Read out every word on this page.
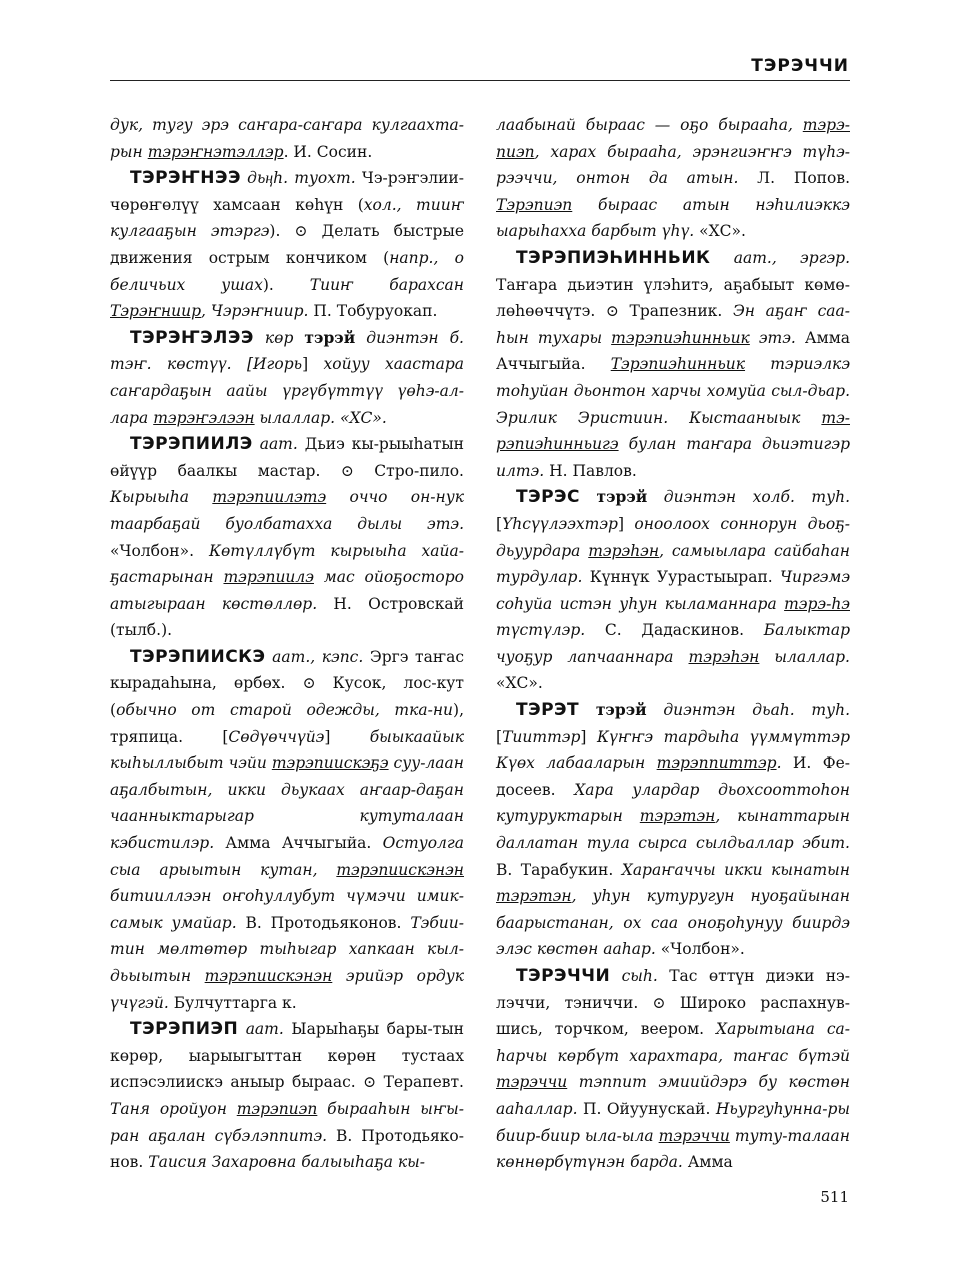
ТЭРЭЧЧИ

дук, тугу эрэ саҥара-саҥара кулгаахта-рын тэрэҥнэтэллэр. И. Сосин.

ТЭРЭҤНЭЭ дьӊһ. туохт. Чэ-рэҥэлии-чөрөҥөлүү хамсаан көһүн (хол., тииҥ кулгааҕын этэргэ). ⊙ Делать быстрые движения острым кончиком (напр., о беличьих ушах). Тииҥ барахсан Тэрэҥниир, Чэрэҥниир. П. Тобуруокап.

ТЭРЭҤЭЛЭЭ көр тэрэй диэнтэн б. тэҥ. көстүү. [Игорь] хойуу хаастара саҥардаҕын аайы үргүбүттүү үөһэ-ал-лара тэрэҥэлээн ылаллар. «ХС».

ТЭРЭПИИЛЭ аат. Дьиэ кы-рыыһатын өйүүр баалкы мастар. ⊙ Стро-пило. Кырыыһа тэрэпиилэтэ оччо он-нук таарбаҕай буолбатахха дылы этэ. «Чолбон». Көтүллүбүт кырыыһа хайа-ҕастарынан тэрэпиилэ мас ойоҕосторо атыгыраан көстөллөр. Н. Островскай (тылб.).

ТЭРЭПИИСКЭ аат., кэпс. Эргэ таҥас кырадаһына, өрбөх. ⊙ Кусок, лос-кут (обычно от старой одежды, тка-ни), тряпица. [Сөдүөччүйэ] быыкаайык кыһыллыбыт чэйи тэрэпиискэҕэ суу-лаан аҕалбытын, икки дьукаах аҥаар-даҕан чаанныктарыгар кутуталаан кэбистилэр. Амма Аччыгыйа. Остуолга сыа арыытын кутан, тэрэпиискэнэн битииллээн оҥоһуллубут чүмэчи имик-самык умайар. В. Протодьяконов. Тэбии-тин мөлтөтөр тыһыгар хапкаан кыл-дьыытын тэрэпиискэнэн эрийэр ордук үчүгэй. Булчуттарга к.

ТЭРЭПИЭП аат. Ыарыһаҕы бары-тын көрөр, ыарыыгыттан көрөн тустаах испэсэлиискэ аныыр быраас. ⊙ Терапевт. Таня оройуон тэрэпиэп бырааһын ыҥы-ран аҕалан сүбэлэппитэ. В. Протодьяко-нов. Таисия Захаровна балыыһаҕа кы-

лаабынай быраас — оҕо бырааһа, тэрэ-пиэп, харах бырааһа, эрэнгиэҥҥэ түһэ-рээччи, онтон да атын. Л. Попов. Тэрэпиэп быраас атын нэһилиэккэ ыарыһахха барбыт үһү. «ХС».

ТЭРЭПИЭҺИННЬИК аат., эргэр. Таҥара дьиэтин үлэһитэ, аҕабыыт көмө-лөһөөччүтэ. ⊙ Трапезник. Эн аҕаҥ саа-һын тухары тэрэпиэһинньик этэ. Амма Аччыгыйа. Тэрэпиэһинньик тэриэлкэ тоһуйан дьонтон харчы хомуйа сыл-дьар. Эрилик Эристиин. Кыстааныык тэ-рэпиэһинньигэ булан таҥара дьиэтигэр илтэ. Н. Павлов.

ТЭРЭС тэрэй диэнтэн холб. туһ. [Үһсүүлээхтэр] оноолоох соннорун дьоҕ-дьуурдара тэрэһэн, самыылара сайбаһан турдулар. Күннүк Уурастыырап. Чиргэмэ соһуйа истэн уһун кыламаннара тэрэ-һэ түстүлэр. С. Дадаскинов. Балыктар чуоҕур лапчааннара тэрэһэн ылаллар. «ХС».

ТЭРЭТ тэрэй диэнтэн дьаһ. туһ. [Тииттэр] Күҥҥэ тардыһа үүммүттэр Күөх лабааларын тэрэппиттэр. И. Фе-досеев. Хара улардар дьохсооттоһон кутуруктарын тэрэтэн, кынаттарын даллатан тула сырса сылдьаллар эбит. В. Тарабукин. Хараҥаччы икки кынатын тэрэтэн, уһун кутуругун нуоҕайынан баарыстанан, ох саа оноҕоһунуу биирдэ элэс көстөн ааһар. «Чолбон».

ТЭРЭЧЧИ сыһ. Тас өттүн диэки нэ-лэччи, тэниччи. ⊙ Широко распахнув-шись, торчком, веером. Харытыана са-һарчы көрбүт харахтара, таҥас бүтэй тэрэччи тэппит эмиийдэрэ бу көстөн ааһаллар. П. Ойуунускай. Ньургуһунна-ры биир-биир ыла-ыла тэрэччи туту-талаан көннөрбүтүнэн барда. Амма

511
